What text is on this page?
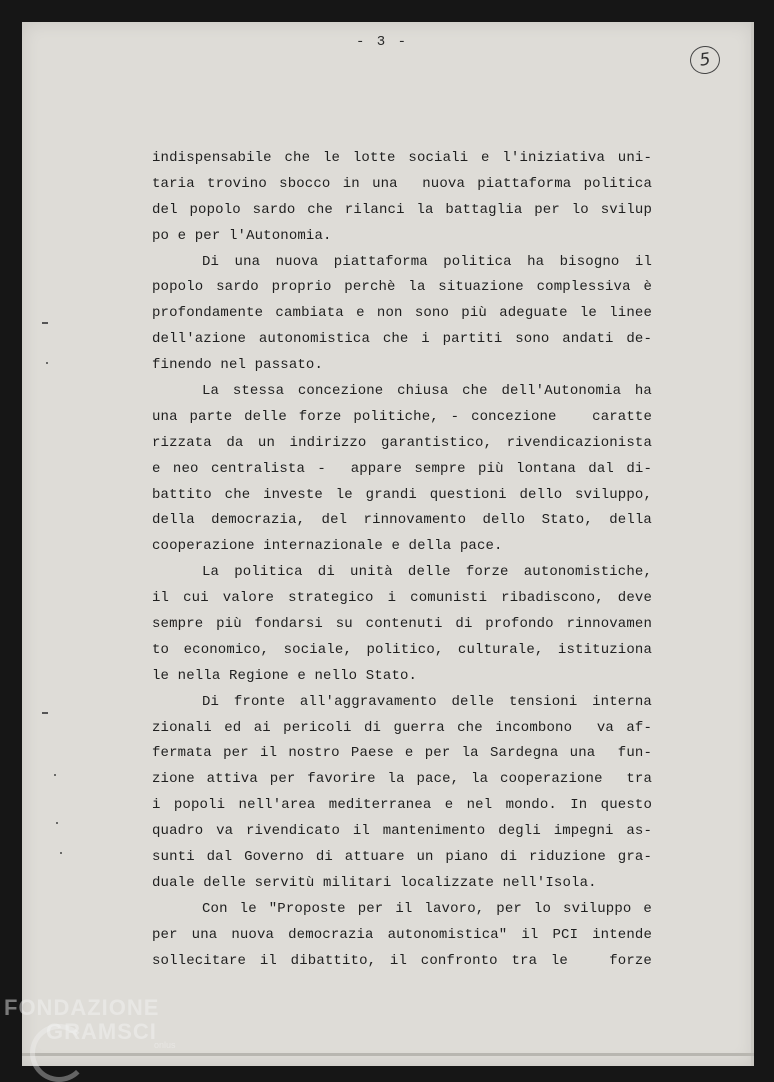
- 3 -
5
indispensabile che le lotte sociali e l'iniziativa uni-
taria trovino sbocco in una  nuova piattaforma politica
del popolo sardo che rilanci la battaglia per lo svilup
po e per l'Autonomia.
Di una nuova piattaforma politica ha bisogno il
popolo sardo proprio perchè la situazione complessiva è
profondamente cambiata e non sono più adeguate le linee
dell'azione autonomistica che i partiti sono andati de-
finendo nel passato.
La stessa concezione chiusa che dell'Autonomia ha
una parte delle forze politiche, - concezione   caratte
rizzata da un indirizzo garantistico, rivendicazionista
e neo centralista -  appare sempre più lontana dal di-
battito che investe le grandi questioni dello sviluppo,
della democrazia, del rinnovamento dello Stato, della
cooperazione internazionale e della pace.
La politica di unità delle forze autonomistiche,
il cui valore strategico i comunisti ribadiscono, deve
sempre più fondarsi su contenuti di profondo rinnovamen
to economico, sociale, politico, culturale, istituziona
le nella Regione e nello Stato.
Di fronte all'aggravamento delle tensioni interna
zionali ed ai pericoli di guerra che incombono  va af-
fermata per il nostro Paese e per la Sardegna una  fun-
zione attiva per favorire la pace, la cooperazione  tra
i popoli nell'area mediterranea e nel mondo. In questo
quadro va rivendicato il mantenimento degli impegni as-
sunti dal Governo di attuare un piano di riduzione gra-
duale delle servitù militari localizzate nell'Isola.
Con le "Proposte per il lavoro, per lo sviluppo e
per una nuova democrazia autonomistica" il PCI intende
sollecitare il dibattito, il confronto tra le   forze
FONDAZIONE
GRAMSCI
onlus
